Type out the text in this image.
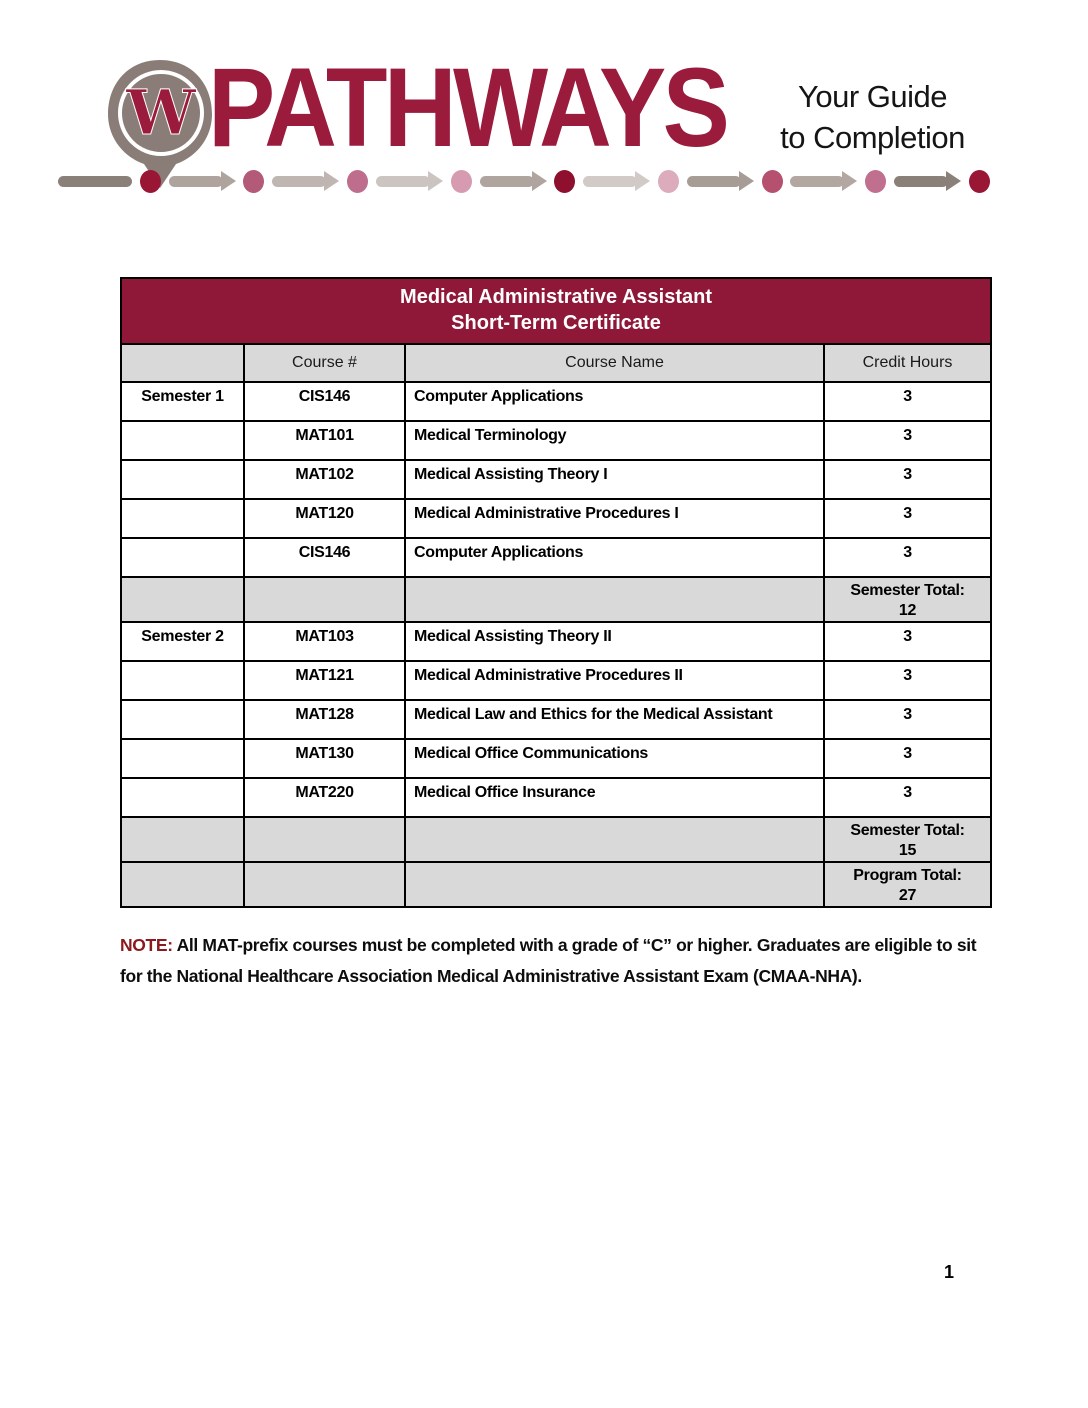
W PATHWAYS	Your Guide
to Completion
Medical Administrative Assistant
Short-Term Certificate			

	Course #	Course Name	Credit Hours
Semester 1	CIS146	Computer Applications	3
	MAT101	Medical Terminology	3
	MAT102	Medical Assisting Theory I	3
	MAT120	Medical Administrative Procedures I	3
	CIS146	Computer Applications	3

			Semester Total:
12

Semester 2	MAT103	Medical Assisting Theory II	3
	MAT121	Medical Administrative Procedures II	3
	MAT128	Medical Law and Ethics for the Medical Assistant	3
	MAT130	Medical Office Communications	3
	MAT220	Medical Office Insurance	3

			Semester Total:
15

			Program Total:
27

NOTE: All MAT-prefix courses must be completed with a grade of “C” or higher. Graduates are eligible to sit for the National Healthcare Association Medical Administrative Assistant Exam (CMAA-NHA).

1
